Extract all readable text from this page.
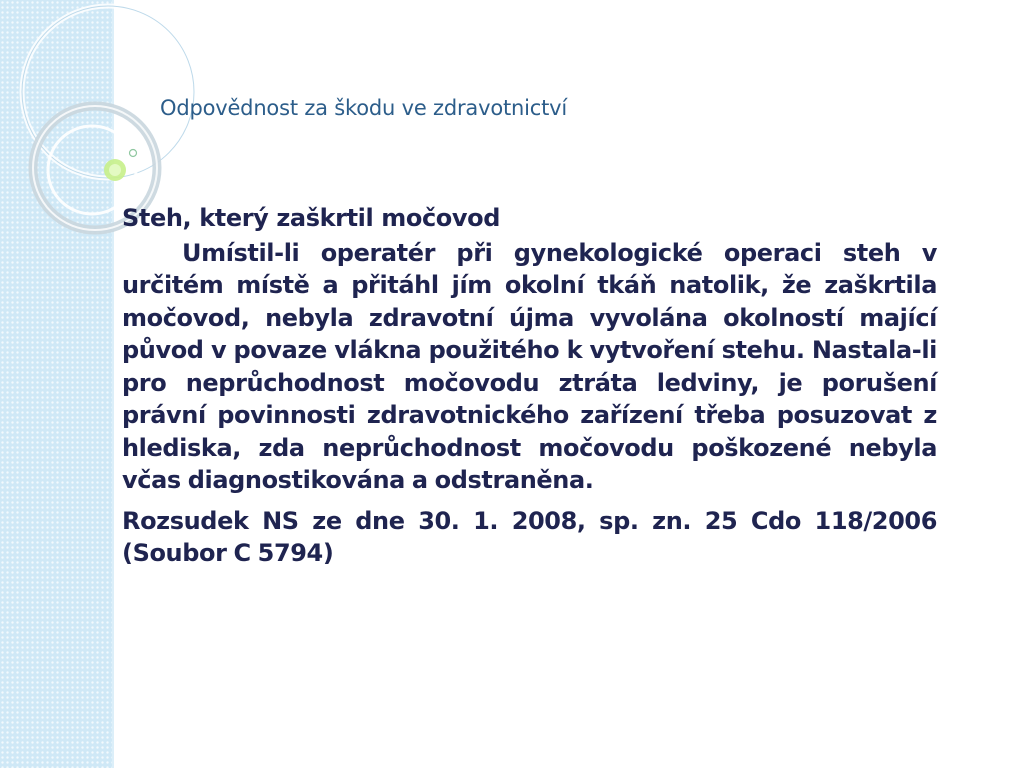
Odpovědnost za škodu ve zdravotnictví

Steh, který zaškrtil močovod

Umístil-li operatér při gynekologické operaci steh v určitém místě a přitáhl jím okolní tkáň natolik, že zaškrtila močovod, nebyla zdravotní újma vyvolána okolností mající původ v povaze vlákna použitého k vytvoření stehu. Nastala-li pro neprůchodnost močovodu ztráta ledviny, je porušení právní povinnosti zdravotnického zařízení třeba posuzovat z hlediska, zda neprůchodnost močovodu poškozené nebyla včas diagnostikována a odstraněna.

Rozsudek NS ze dne 30. 1. 2008, sp. zn. 25 Cdo 118/2006 (Soubor C 5794)
